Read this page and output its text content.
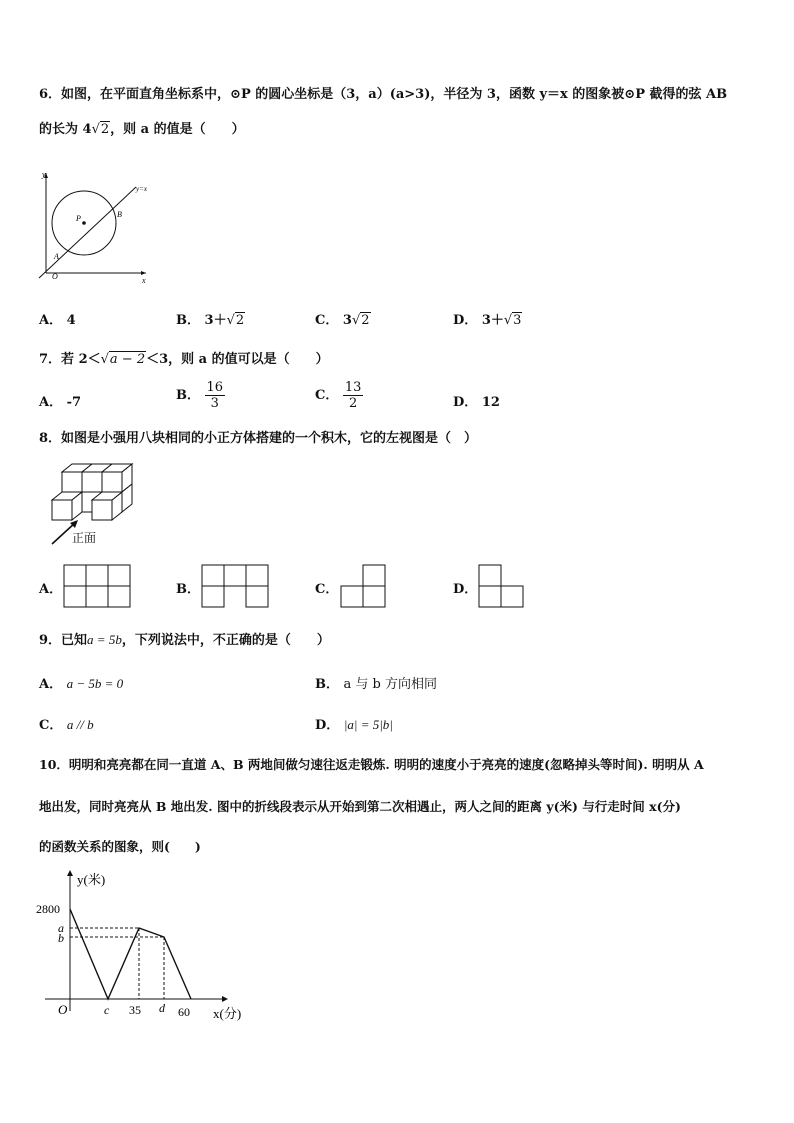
6．如图，在平面直角坐标系中，⊙P 的圆心坐标是（3，a）(a>3)，半径为 3，函数 y＝x 的图象被⊙P 截得的弦 AB
的长为 4√2，则 a 的值是（　　）
y
x
O
P
A
B
y=x
A． 4	B． 3＋√2	C． 3√2	D． 3＋√3
7．若 2＜√a − 2＜3，则 a 的值可以是（　　）
A． -7	B． $\frac{16}{3}$	C． $\frac{13}{2}$	D． 12
8．如图是小强用八块相同的小正方体搭建的一个积木，它的左视图是（　）
正面
A．	B．	C．	D．
9．已知a = 5b，下列说法中，不正确的是（　　）
A． a − 5b = 0	B． a 与 b 方向相同
C． a // b	D． |a| = 5|b|
10．明明和亮亮都在同一直道 A、B 两地间做匀速往返走锻炼. 明明的速度小于亮亮的速度(忽略掉头等时间). 明明从 A
地出发，同时亮亮从 B 地出发. 图中的折线段表示从开始到第二次相遇止，两人之间的距离 y(米) 与行走时间 x(分)
的函数关系的图象，则(　　)
y(米)
x(分)
2800
a
b
O	c 35 d 60
